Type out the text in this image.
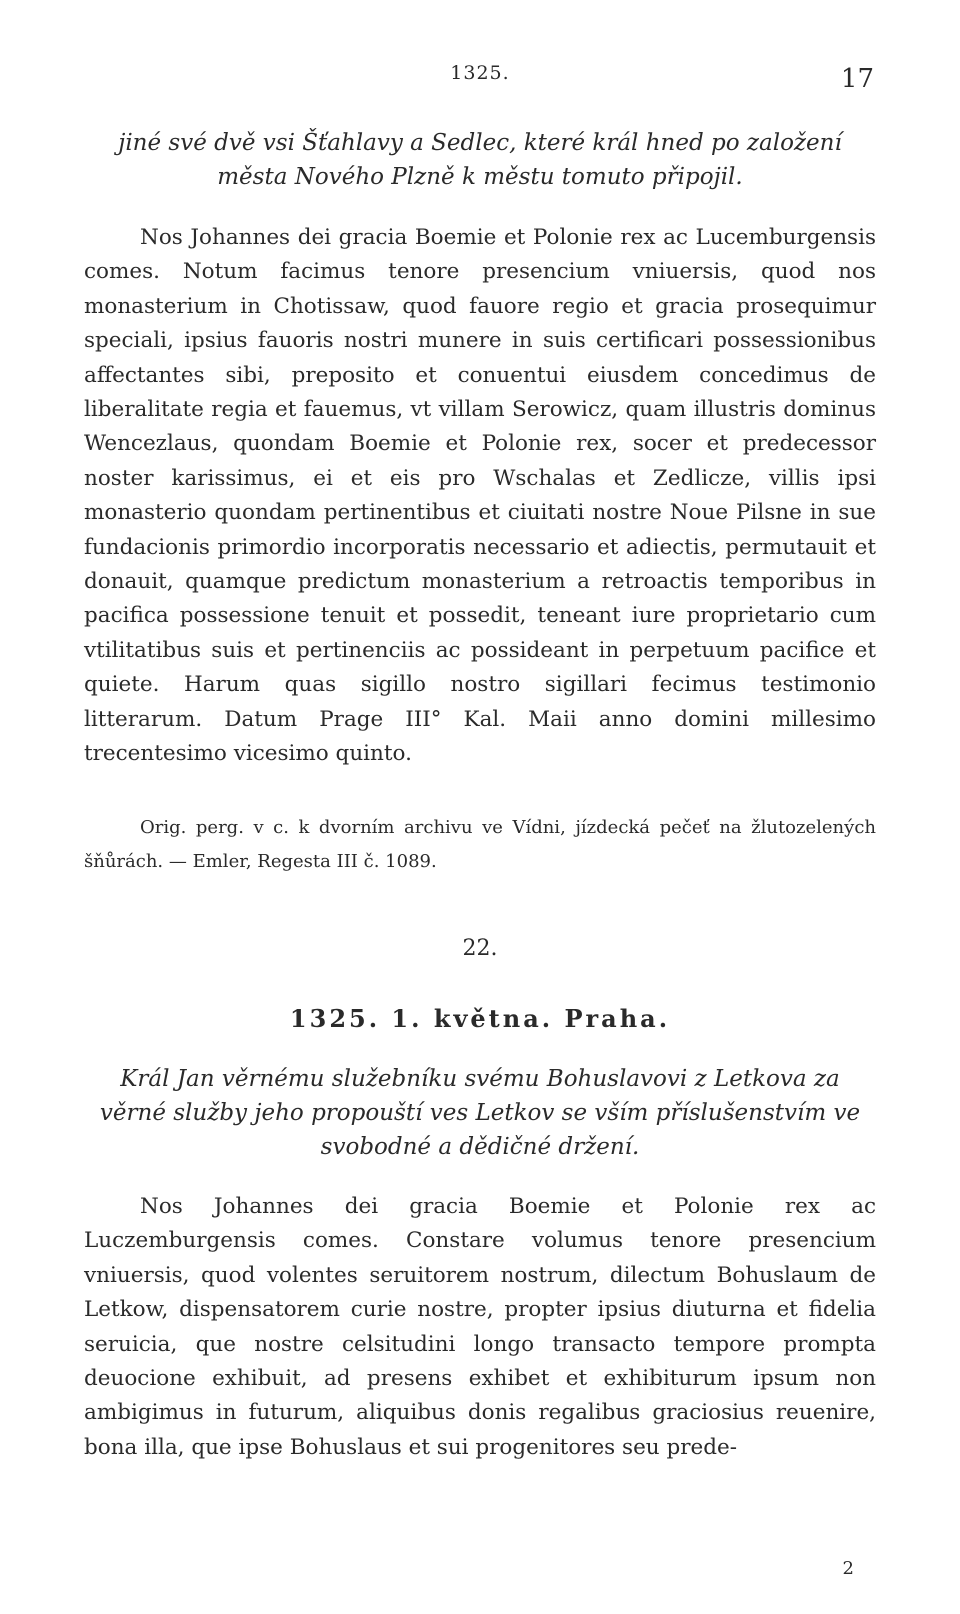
1325.	17
jiné své dvě vsi Šťahlavy a Sedlec, které král hned po založení města Nového Plzně k městu tomuto připojil.

Nos Johannes dei gracia Boemie et Polonie rex ac Lucemburgensis comes. Notum facimus tenore presencium vniuersis, quod nos monasterium in Chotissaw, quod fauore regio et gracia prosequimur speciali, ipsius fauoris nostri munere in suis certificari possessionibus affectantes sibi, preposito et conuentui eiusdem concedimus de liberalitate regia et fauemus, vt villam Serowicz, quam illustris dominus Wencezlaus, quondam Boemie et Polonie rex, socer et predecessor noster karissimus, ei et eis pro Wschalas et Zedlicze, villis ipsi monasterio quondam pertinentibus et ciuitati nostre Noue Pilsne in sue fundacionis primordio incorporatis necessario et adiectis, permutauit et donauit, quamque predictum monasterium a retroactis temporibus in pacifica possessione tenuit et possedit, teneant iure proprietario cum vtilitatibus suis et pertinenciis ac possideant in perpetuum pacifice et quiete. Harum quas sigillo nostro sigillari fecimus testimonio litterarum. Datum Prage III° Kal. Maii anno domini millesimo trecentesimo vicesimo quinto.

Orig. perg. v c. k dvorním archivu ve Vídni, jízdecká pečeť na žlutozelených šňůrách. — Emler, Regesta III č. 1089.

22.
1325. 1. května. Praha.
Král Jan věrnému služebníku svému Bohuslavovi z Letkova za věrné služby jeho propouští ves Letkov se vším příslušenstvím ve svobodné a dědičné držení.

Nos Johannes dei gracia Boemie et Polonie rex ac Luczemburgensis comes. Constare volumus tenore presencium vniuersis, quod volentes seruitorem nostrum, dilectum Bohuslaum de Letkow, dispensatorem curie nostre, propter ipsius diuturna et fidelia seruicia, que nostre celsitudini longo transacto tempore prompta deuocione exhibuit, ad presens exhibet et exhibiturum ipsum non ambigimus in futurum, aliquibus donis regalibus graciosius reuenire, bona illa, que ipse Bohuslaus et sui progenitores seu prede-

2
